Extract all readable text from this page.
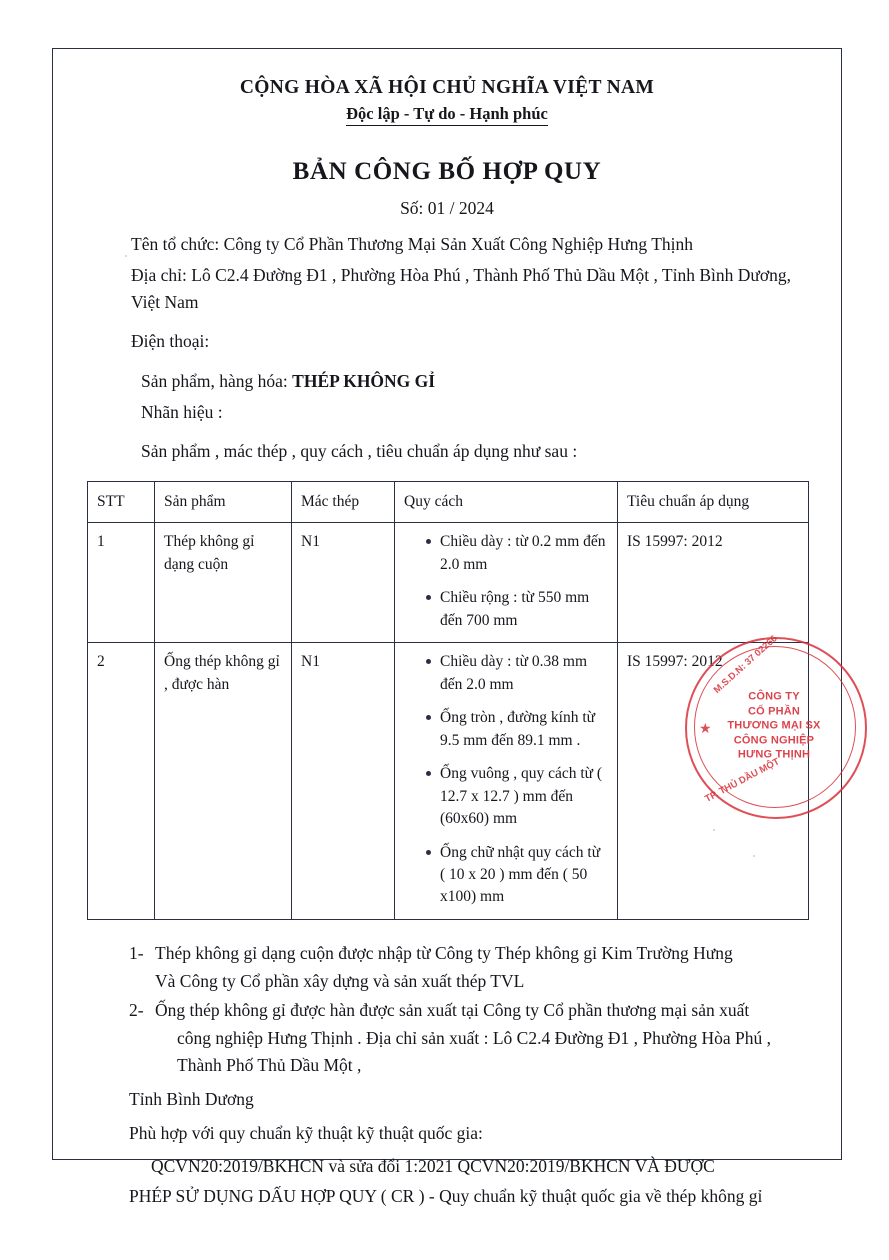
CỘNG HÒA XÃ HỘI CHỦ NGHĨA VIỆT NAM
Độc lập - Tự do - Hạnh phúc
BẢN CÔNG BỐ HỢP QUY
Số: 01 / 2024
Tên tổ chức: Công ty Cổ Phần Thương Mại Sản Xuất Công Nghiệp Hưng Thịnh
Địa chỉ: Lô C2.4 Đường Ð1 , Phường Hòa Phú , Thành Phố Thủ Dầu Một , Tỉnh Bình Dương, Việt Nam
Điện thoại:
Sản phẩm, hàng hóa: THÉP KHÔNG GỈ
Nhãn hiệu :
Sản phẩm , mác thép , quy cách , tiêu chuẩn áp dụng như sau :
STT	Sản phẩm	Mác thép	Quy cách	Tiêu chuẩn áp dụng
1	Thép không gỉ dạng cuộn	N1	Chiều dày : từ 0.2 mm đến 2.0 mm
Chiều rộng : từ 550 mm đến 700 mm
	IS 15997: 2012
2	Ống thép không gỉ , được hàn	N1	Chiều dày : từ 0.38 mm đến 2.0 mm
Ống tròn , đường kính từ 9.5 mm đến 89.1 mm .
Ống vuông , quy cách từ ( 12.7 x 12.7 ) mm đến (60x60) mm
Ống chữ nhật quy cách từ ( 10 x 20 ) mm đến ( 50 x100) mm
	IS 15997: 2012
1- Thép không gỉ dạng cuộn được nhập từ Công ty Thép không gỉ Kim Trường Hưng
Và Công ty Cổ phần xây dựng và sản xuất thép TVL
2- Ống thép không gỉ được hàn được sản xuất tại Công ty Cổ phần thương mại sản xuất
công nghiệp Hưng Thịnh . Địa chỉ sản xuất : Lô C2.4 Đường Ð1 , Phường Hòa Phú ,
Thành Phố Thủ Dầu Một ,
Tỉnh Bình Dương
Phù hợp với quy chuẩn kỹ thuật kỹ thuật quốc gia:
QCVN20:2019/BKHCN và sửa đổi 1:2021 QCVN20:2019/BKHCN VÀ ĐƯỢC
PHÉP SỬ DỤNG DẤU HỢP QUY ( CR ) - Quy chuẩn kỹ thuật quốc gia về thép không gỉ
★
M.S.D.N: 37 02266
CÔNG TY
CỔ PHẦN
THƯƠNG MẠI SX
CÔNG NGHIỆP
HƯNG THỊNH
TP. THỦ DẦU MỘT
